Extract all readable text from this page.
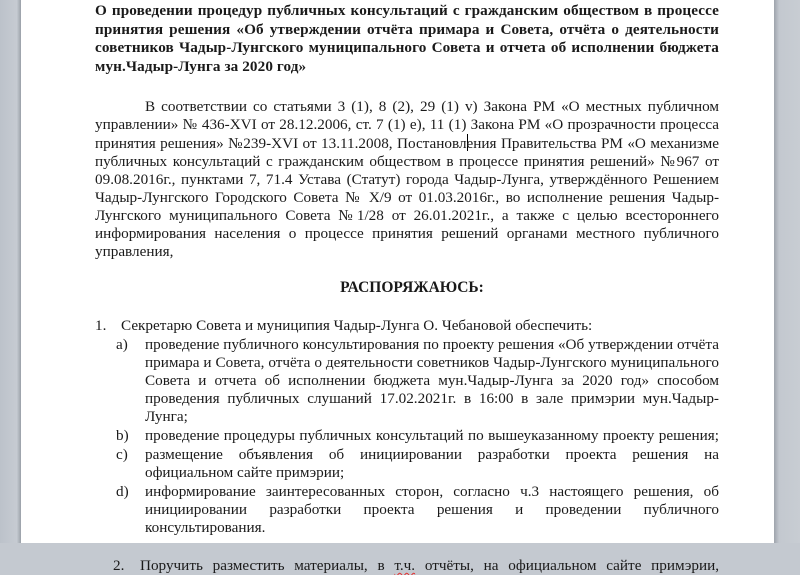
О проведении процедур публичных консультаций с гражданским обществом в процессе
принятия решения «Об утверждении отчёта примара и Совета, отчёта о деятельности
советников Чадыр-Лунгского муниципального Совета и отчета об исполнении бюджета
мун.Чадыр-Лунга за 2020 год»
В соответствии со статьями 3 (1), 8 (2), 29 (1) v) Закона РМ «О местных публичном
управлении» № 436-XVI от 28.12.2006, ст. 7 (1) e), 11 (1) Закона РМ «О прозрачности процесса
принятия решения» №239-XVI от 13.11.2008, Постановления Правительства РМ «О механизме
публичных консультаций с гражданским обществом в процессе принятия решений» №967 от
09.08.2016г., пунктами 7, 71.4 Устава (Статут) города Чадыр-Лунга, утверждённого Решением
Чадыр-Лунгского Городского Совета № X/9 от 01.03.2016г., во исполнение решения Чадыр-
Лунгского муниципального Совета №1/28 от 26.01.2021г., а также с целью всестороннего
информирования населения о процессе принятия решений органами местного публичного
управления,
РАСПОРЯЖАЮСЬ:
1. Секретарю Совета и муниципия Чадыр-Лунга О. Чебановой обеспечить:
a) проведение публичного консультирования по проекту решения «Об утверждении отчёта
примара и Совета, отчёта о деятельности советников Чадыр-Лунгского муниципального
Совета и отчета об исполнении бюджета мун.Чадыр-Лунга за 2020 год» способом
проведения публичных слушаний 17.02.2021г. в 16:00 в зале примэрии мун.Чадыр-
Лунга;
b) проведение процедуры публичных консультаций по вышеуказанному проекту решения;
c) размещение объявления об инициировании разработки проекта решения на
официальном сайте примэрии;
d) информирование заинтересованных сторон, согласно ч.3 настоящего решения, об
инициировании разработки проекта решения и проведении публичного
консультирования.
2. Поручить разместить материалы, в т.ч. отчёты, на официальном сайте примэрии,
